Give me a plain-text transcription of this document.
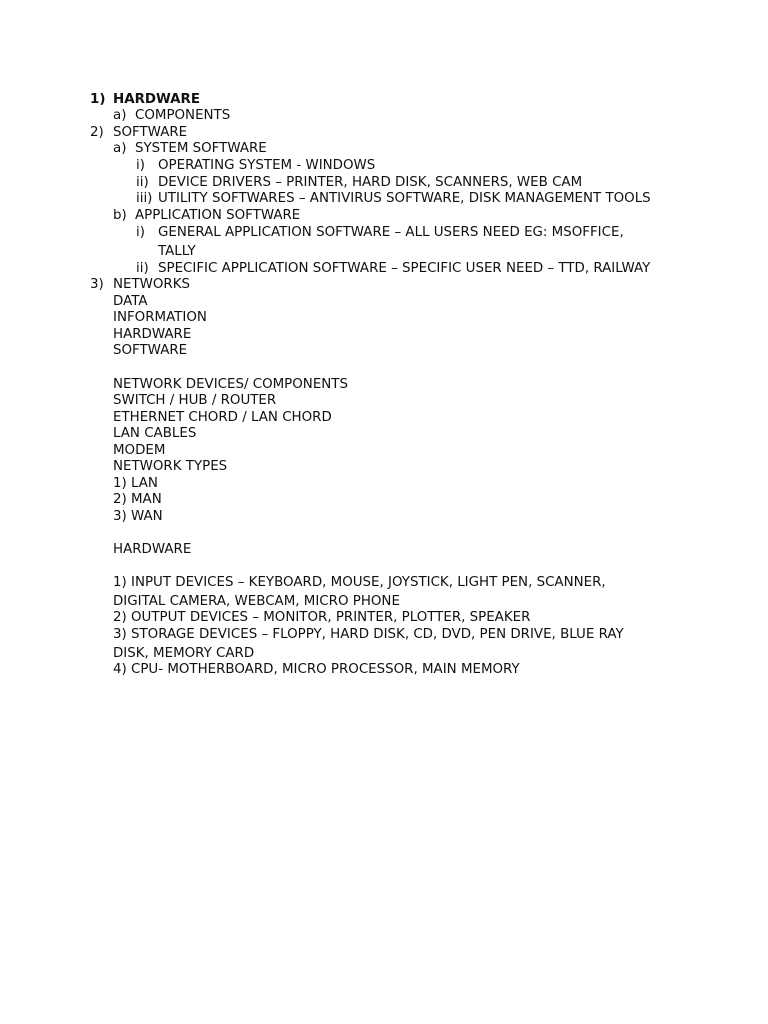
1) HARDWARE
a) COMPONENTS
2) SOFTWARE
a) SYSTEM SOFTWARE
i) OPERATING SYSTEM - WINDOWS
ii) DEVICE DRIVERS – PRINTER, HARD DISK, SCANNERS, WEB CAM
iii) UTILITY SOFTWARES – ANTIVIRUS SOFTWARE, DISK MANAGEMENT TOOLS
b) APPLICATION SOFTWARE
i) GENERAL APPLICATION SOFTWARE – ALL USERS NEED EG: MSOFFICE,
TALLY
ii) SPECIFIC APPLICATION SOFTWARE – SPECIFIC USER NEED – TTD, RAILWAY
3) NETWORKS
DATA
INFORMATION
HARDWARE
SOFTWARE
NETWORK DEVICES/ COMPONENTS
SWITCH / HUB / ROUTER
ETHERNET CHORD / LAN CHORD
LAN CABLES
MODEM
NETWORK TYPES
1) LAN
2) MAN
3) WAN
HARDWARE
1) INPUT DEVICES – KEYBOARD, MOUSE, JOYSTICK, LIGHT PEN, SCANNER,
DIGITAL CAMERA, WEBCAM, MICRO PHONE
2) OUTPUT DEVICES – MONITOR, PRINTER, PLOTTER, SPEAKER
3) STORAGE DEVICES – FLOPPY, HARD DISK, CD, DVD, PEN DRIVE, BLUE RAY
DISK, MEMORY CARD
4) CPU- MOTHERBOARD, MICRO PROCESSOR, MAIN MEMORY
